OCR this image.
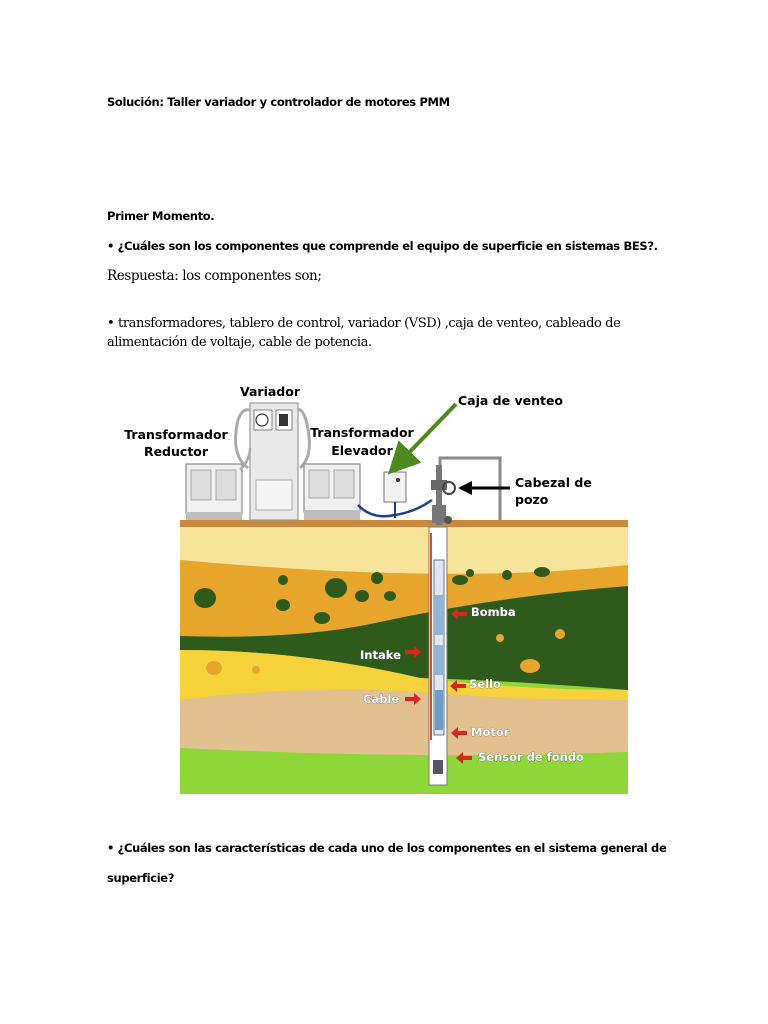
Solución: Taller variador y controlador de motores PMM
Primer Momento.
• ¿Cuáles son los componentes que comprende el equipo de superficie en sistemas BES?.
Respuesta: los componentes son;
• transformadores, tablero de control, variador (VSD) ,caja de venteo, cableado de
alimentación de voltaje, cable de potencia.
Variador
Transformador
Reductor
Transformador
Elevador
Caja de venteo
Cabezal de
pozo
Bomba
Intake
Sello
Cable
Motor
Sensor de fondo
• ¿Cuáles son las características de cada uno de los componentes en el sistema general de
superficie?
